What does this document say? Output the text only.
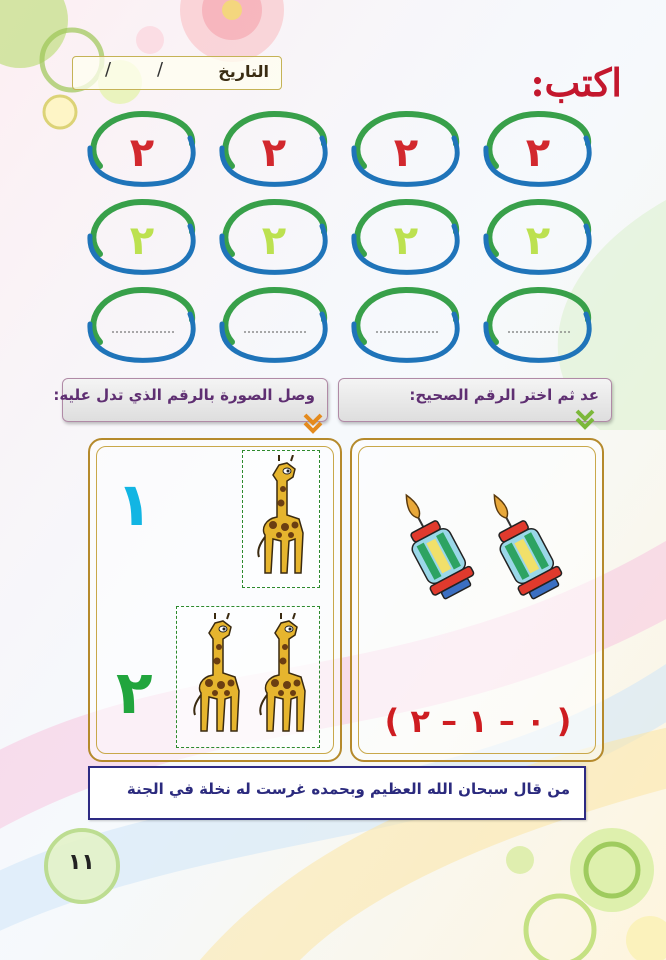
التاريخ
/
/	اكتب:
٢	٢	٢	٢
٢	٢	٢	٢
وصل الصورة بالرقم الذي تدل عليه:	عد ثم اختر الرقم الصحيح:
١
٢	( ٠ – ١ – ٢ )
من قال سبحان الله العظيم وبحمده غرست له نخلة في الجنة
١١
